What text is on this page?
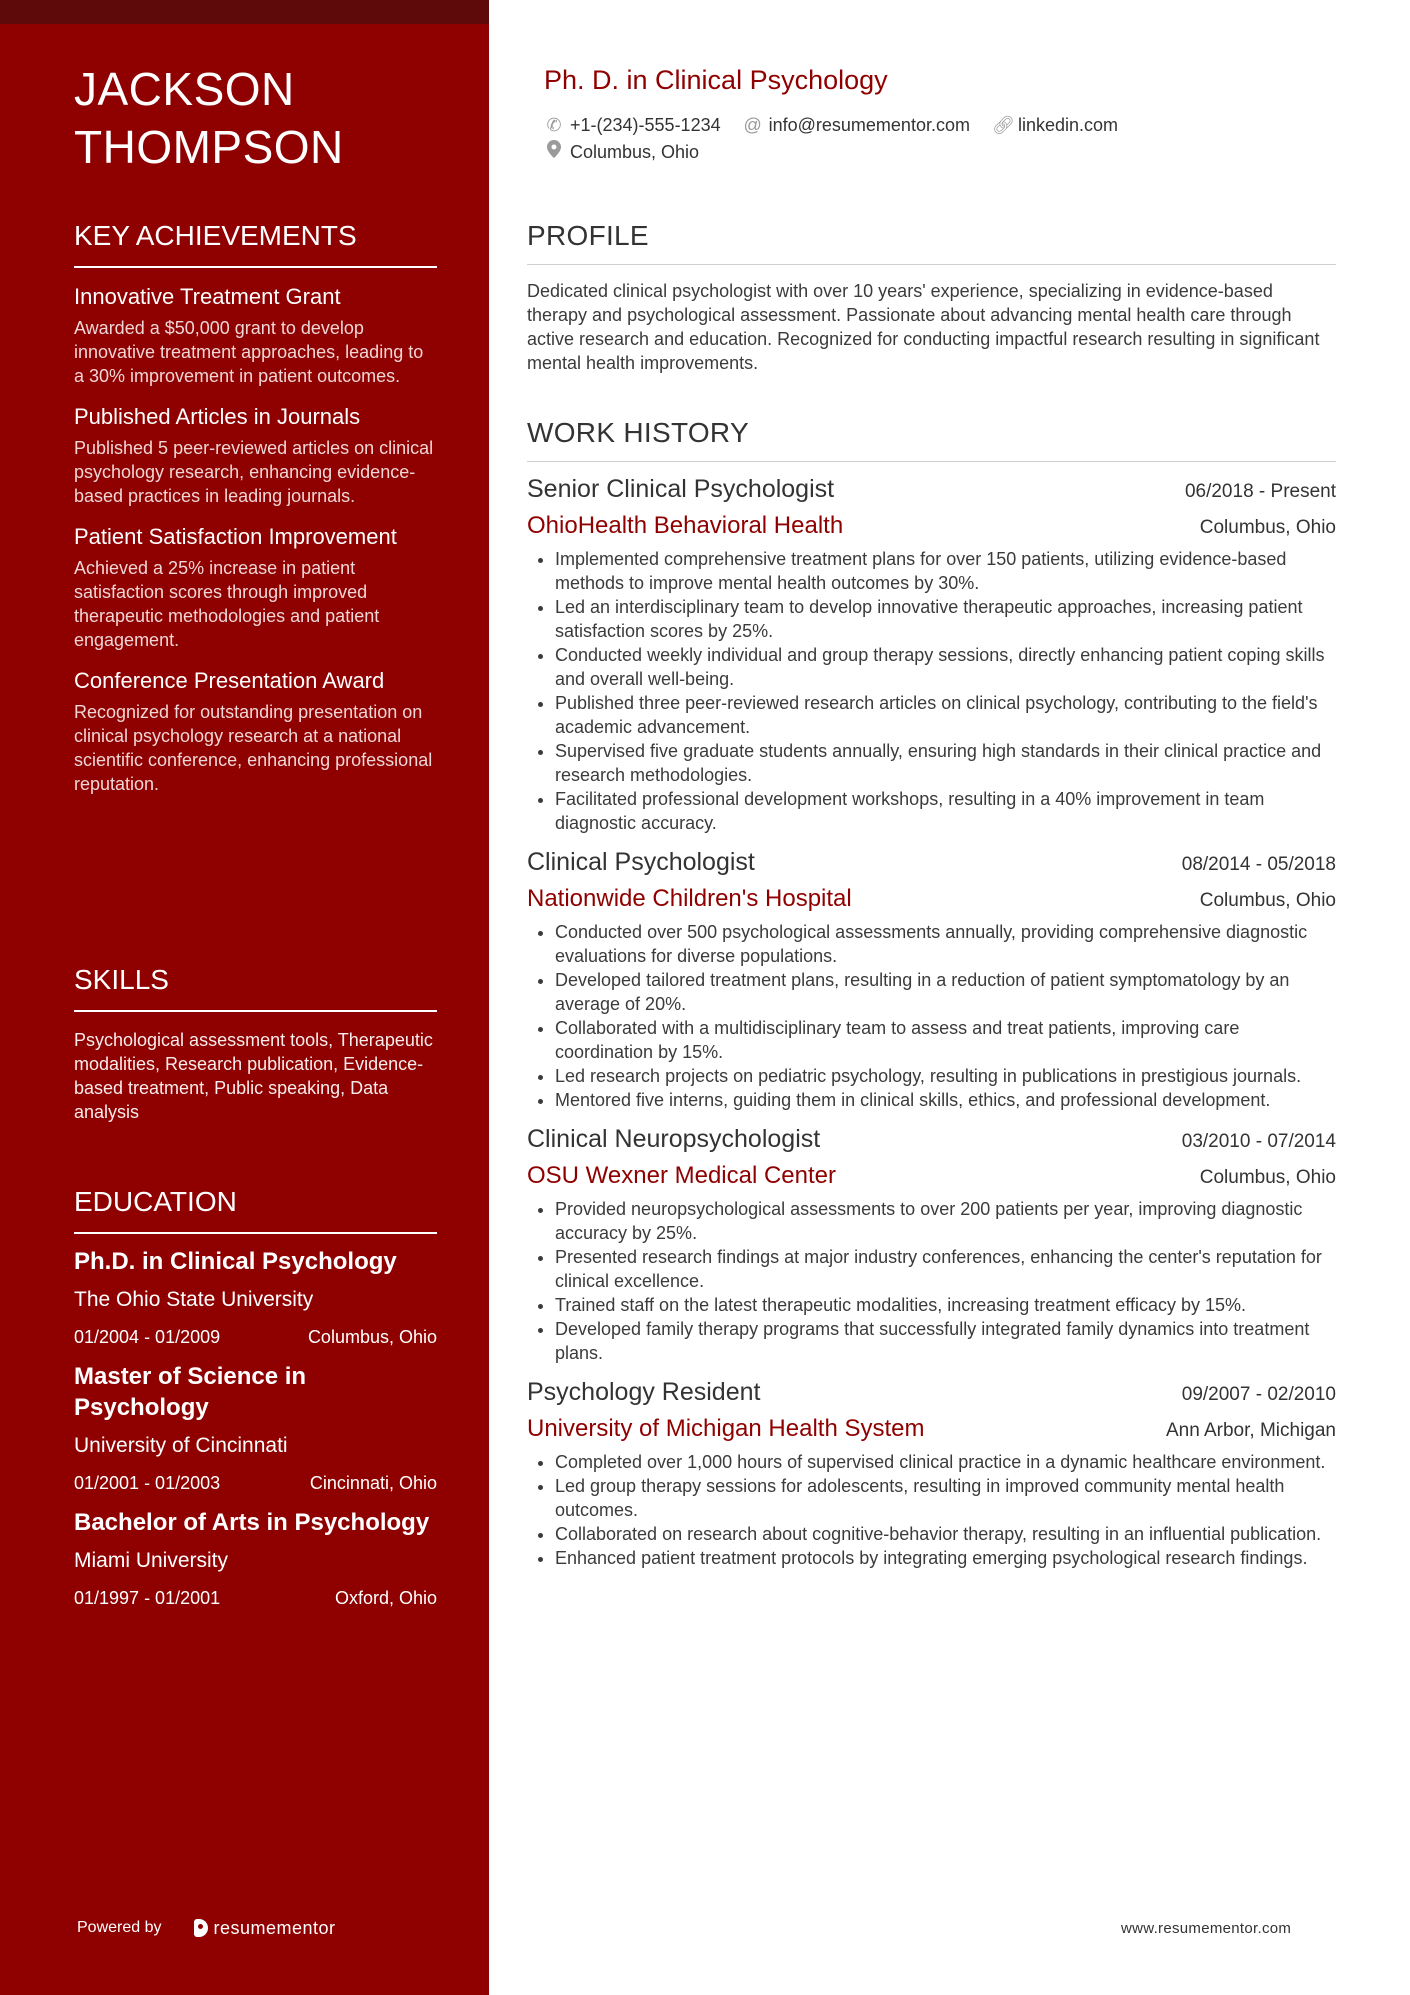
JACKSON
THOMPSON
KEY ACHIEVEMENTS
Innovative Treatment Grant
Awarded a $50,000 grant to develop innovative treatment approaches, leading to a 30% improvement in patient outcomes.
Published Articles in Journals
Published 5 peer-reviewed articles on clinical psychology research, enhancing evidence-based practices in leading journals.
Patient Satisfaction Improvement
Achieved a 25% increase in patient satisfaction scores through improved therapeutic methodologies and patient engagement.
Conference Presentation Award
Recognized for outstanding presentation on clinical psychology research at a national scientific conference, enhancing professional reputation.
SKILLS
Psychological assessment tools, Therapeutic modalities, Research publication, Evidence-based treatment, Public speaking, Data analysis
EDUCATION
Ph.D. in Clinical Psychology
The Ohio State University
01/2004 - 01/2009	Columbus, Ohio
Master of Science in Psychology
University of Cincinnati
01/2001 - 01/2003	Cincinnati, Ohio
Bachelor of Arts in Psychology
Miami University
01/1997 - 01/2001	Oxford, Ohio
Powered by	resumementor
Ph. D. in Clinical Psychology
✆ +1-(234)-555-1234 @ info@resumementor.com 🔗︎ linkedin.com
Columbus, Ohio
PROFILE
Dedicated clinical psychologist with over 10 years' experience, specializing in evidence-based therapy and psychological assessment. Passionate about advancing mental health care through active research and education. Recognized for conducting impactful research resulting in significant mental health improvements.
WORK HISTORY
Senior Clinical Psychologist	06/2018 - Present
OhioHealth Behavioral Health	Columbus, Ohio
• Implemented comprehensive treatment plans for over 150 patients, utilizing evidence-based methods to improve mental health outcomes by 30%.
• Led an interdisciplinary team to develop innovative therapeutic approaches, increasing patient satisfaction scores by 25%.
• Conducted weekly individual and group therapy sessions, directly enhancing patient coping skills and overall well-being.
• Published three peer-reviewed research articles on clinical psychology, contributing to the field's academic advancement.
• Supervised five graduate students annually, ensuring high standards in their clinical practice and research methodologies.
• Facilitated professional development workshops, resulting in a 40% improvement in team diagnostic accuracy.
Clinical Psychologist	08/2014 - 05/2018
Nationwide Children's Hospital	Columbus, Ohio
• Conducted over 500 psychological assessments annually, providing comprehensive diagnostic evaluations for diverse populations.
• Developed tailored treatment plans, resulting in a reduction of patient symptomatology by an average of 20%.
• Collaborated with a multidisciplinary team to assess and treat patients, improving care coordination by 15%.
• Led research projects on pediatric psychology, resulting in publications in prestigious journals.
• Mentored five interns, guiding them in clinical skills, ethics, and professional development.
Clinical Neuropsychologist	03/2010 - 07/2014
OSU Wexner Medical Center	Columbus, Ohio
• Provided neuropsychological assessments to over 200 patients per year, improving diagnostic accuracy by 25%.
• Presented research findings at major industry conferences, enhancing the center's reputation for clinical excellence.
• Trained staff on the latest therapeutic modalities, increasing treatment efficacy by 15%.
• Developed family therapy programs that successfully integrated family dynamics into treatment plans.
Psychology Resident	09/2007 - 02/2010
University of Michigan Health System	Ann Arbor, Michigan
• Completed over 1,000 hours of supervised clinical practice in a dynamic healthcare environment.
• Led group therapy sessions for adolescents, resulting in improved community mental health outcomes.
• Collaborated on research about cognitive-behavior therapy, resulting in an influential publication.
• Enhanced patient treatment protocols by integrating emerging psychological research findings.
www.resumementor.com
